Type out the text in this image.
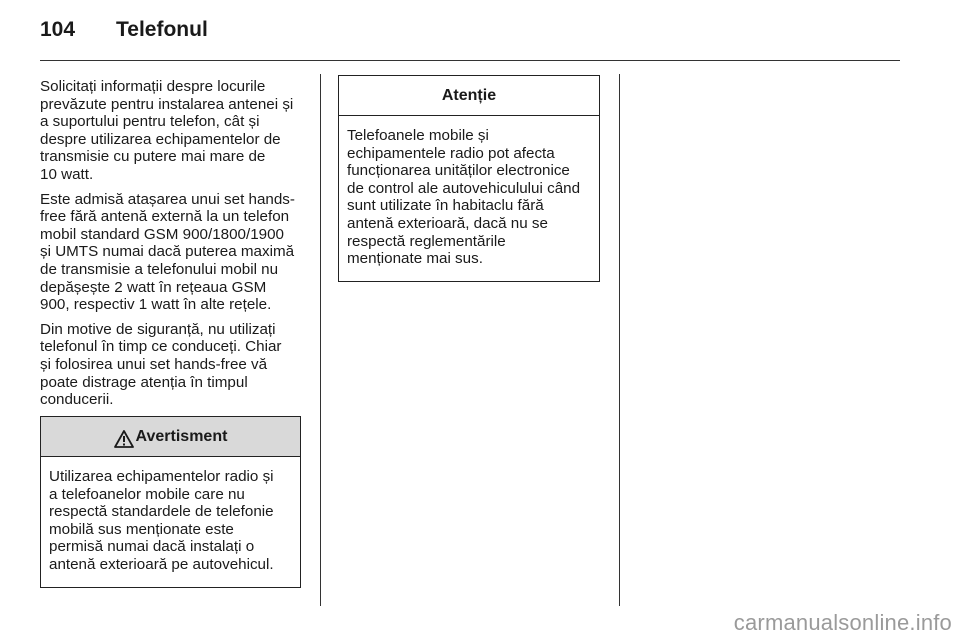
104	Telefonul

Solicitați informații despre locurile
prevăzute pentru instalarea antenei și
a suportului pentru telefon, cât și
despre utilizarea echipamentelor de
transmisie cu putere mai mare de
10 watt.

Este admisă atașarea unui set hands-
free fără antenă externă la un telefon
mobil standard GSM 900/1800/1900
și UMTS numai dacă puterea maximă
de transmisie a telefonului mobil nu
depășește 2 watt în rețeaua GSM
900, respectiv 1 watt în alte rețele.

Din motive de siguranță, nu utilizați
telefonul în timp ce conduceți. Chiar
și folosirea unui set hands-free vă
poate distrage atenția în timpul
conducerii.

Avertisment
Utilizarea echipamentelor radio și
a telefoanelor mobile care nu
respectă standardele de telefonie
mobilă sus menționate este
permisă numai dacă instalați o
antenă exterioară pe autovehicul.
Atenție
Telefoanele mobile și
echipamentele radio pot afecta
funcționarea unităților electronice
de control ale autovehiculului când
sunt utilizate în habitaclu fără
antenă exterioară, dacă nu se
respectă reglementările
menționate mai sus.
carmanualsonline.info
